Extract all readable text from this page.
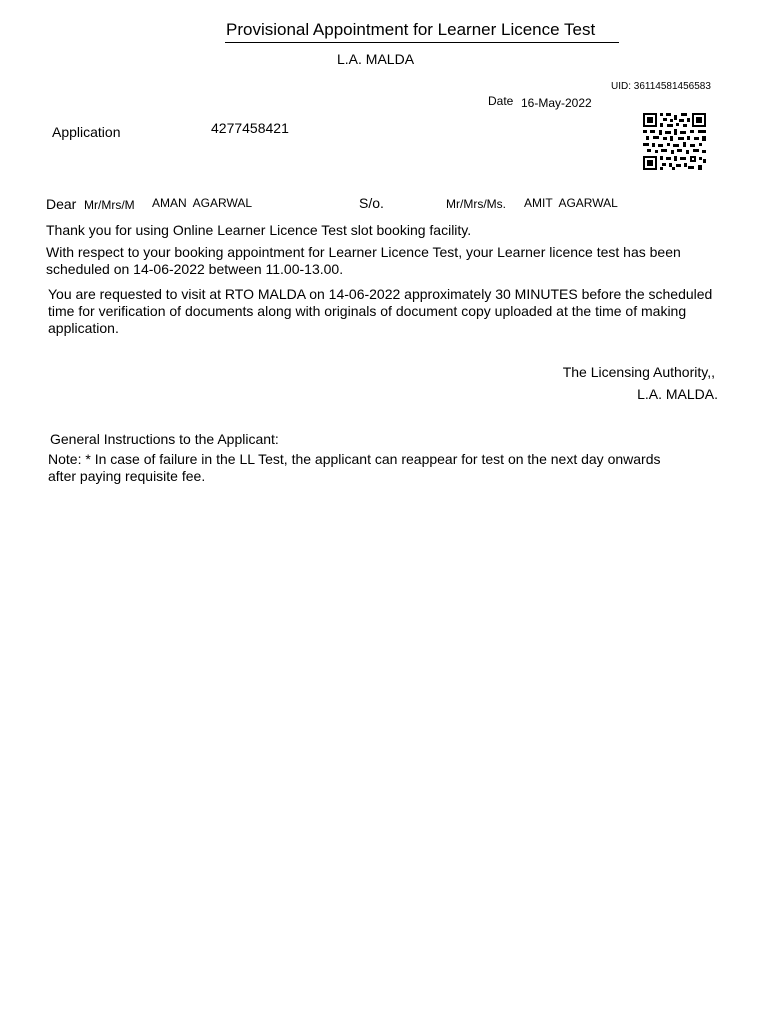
Provisional Appointment for Learner Licence Test
L.A. MALDA
UID: 36114581456583
Date 16-May-2022
Application	4277458421
Dear Mr/Mrs/M AMAN  AGARWAL	S/o.	Mr/Mrs/Ms. AMIT  AGARWAL
Thank you for using Online Learner Licence Test slot booking facility.
With respect to your booking appointment for Learner Licence Test, your Learner licence test has been scheduled on 14-06-2022 between 11.00-13.00.
You are requested to visit at RTO MALDA on 14-06-2022 approximately 30 MINUTES before the scheduled time for verification of documents along with originals of document copy uploaded at the time of making application.
The Licensing Authority,,
L.A. MALDA.
General Instructions to the Applicant:
Note: * In case of failure in the LL Test, the applicant can reappear for test on the next day onwards after paying requisite fee.
